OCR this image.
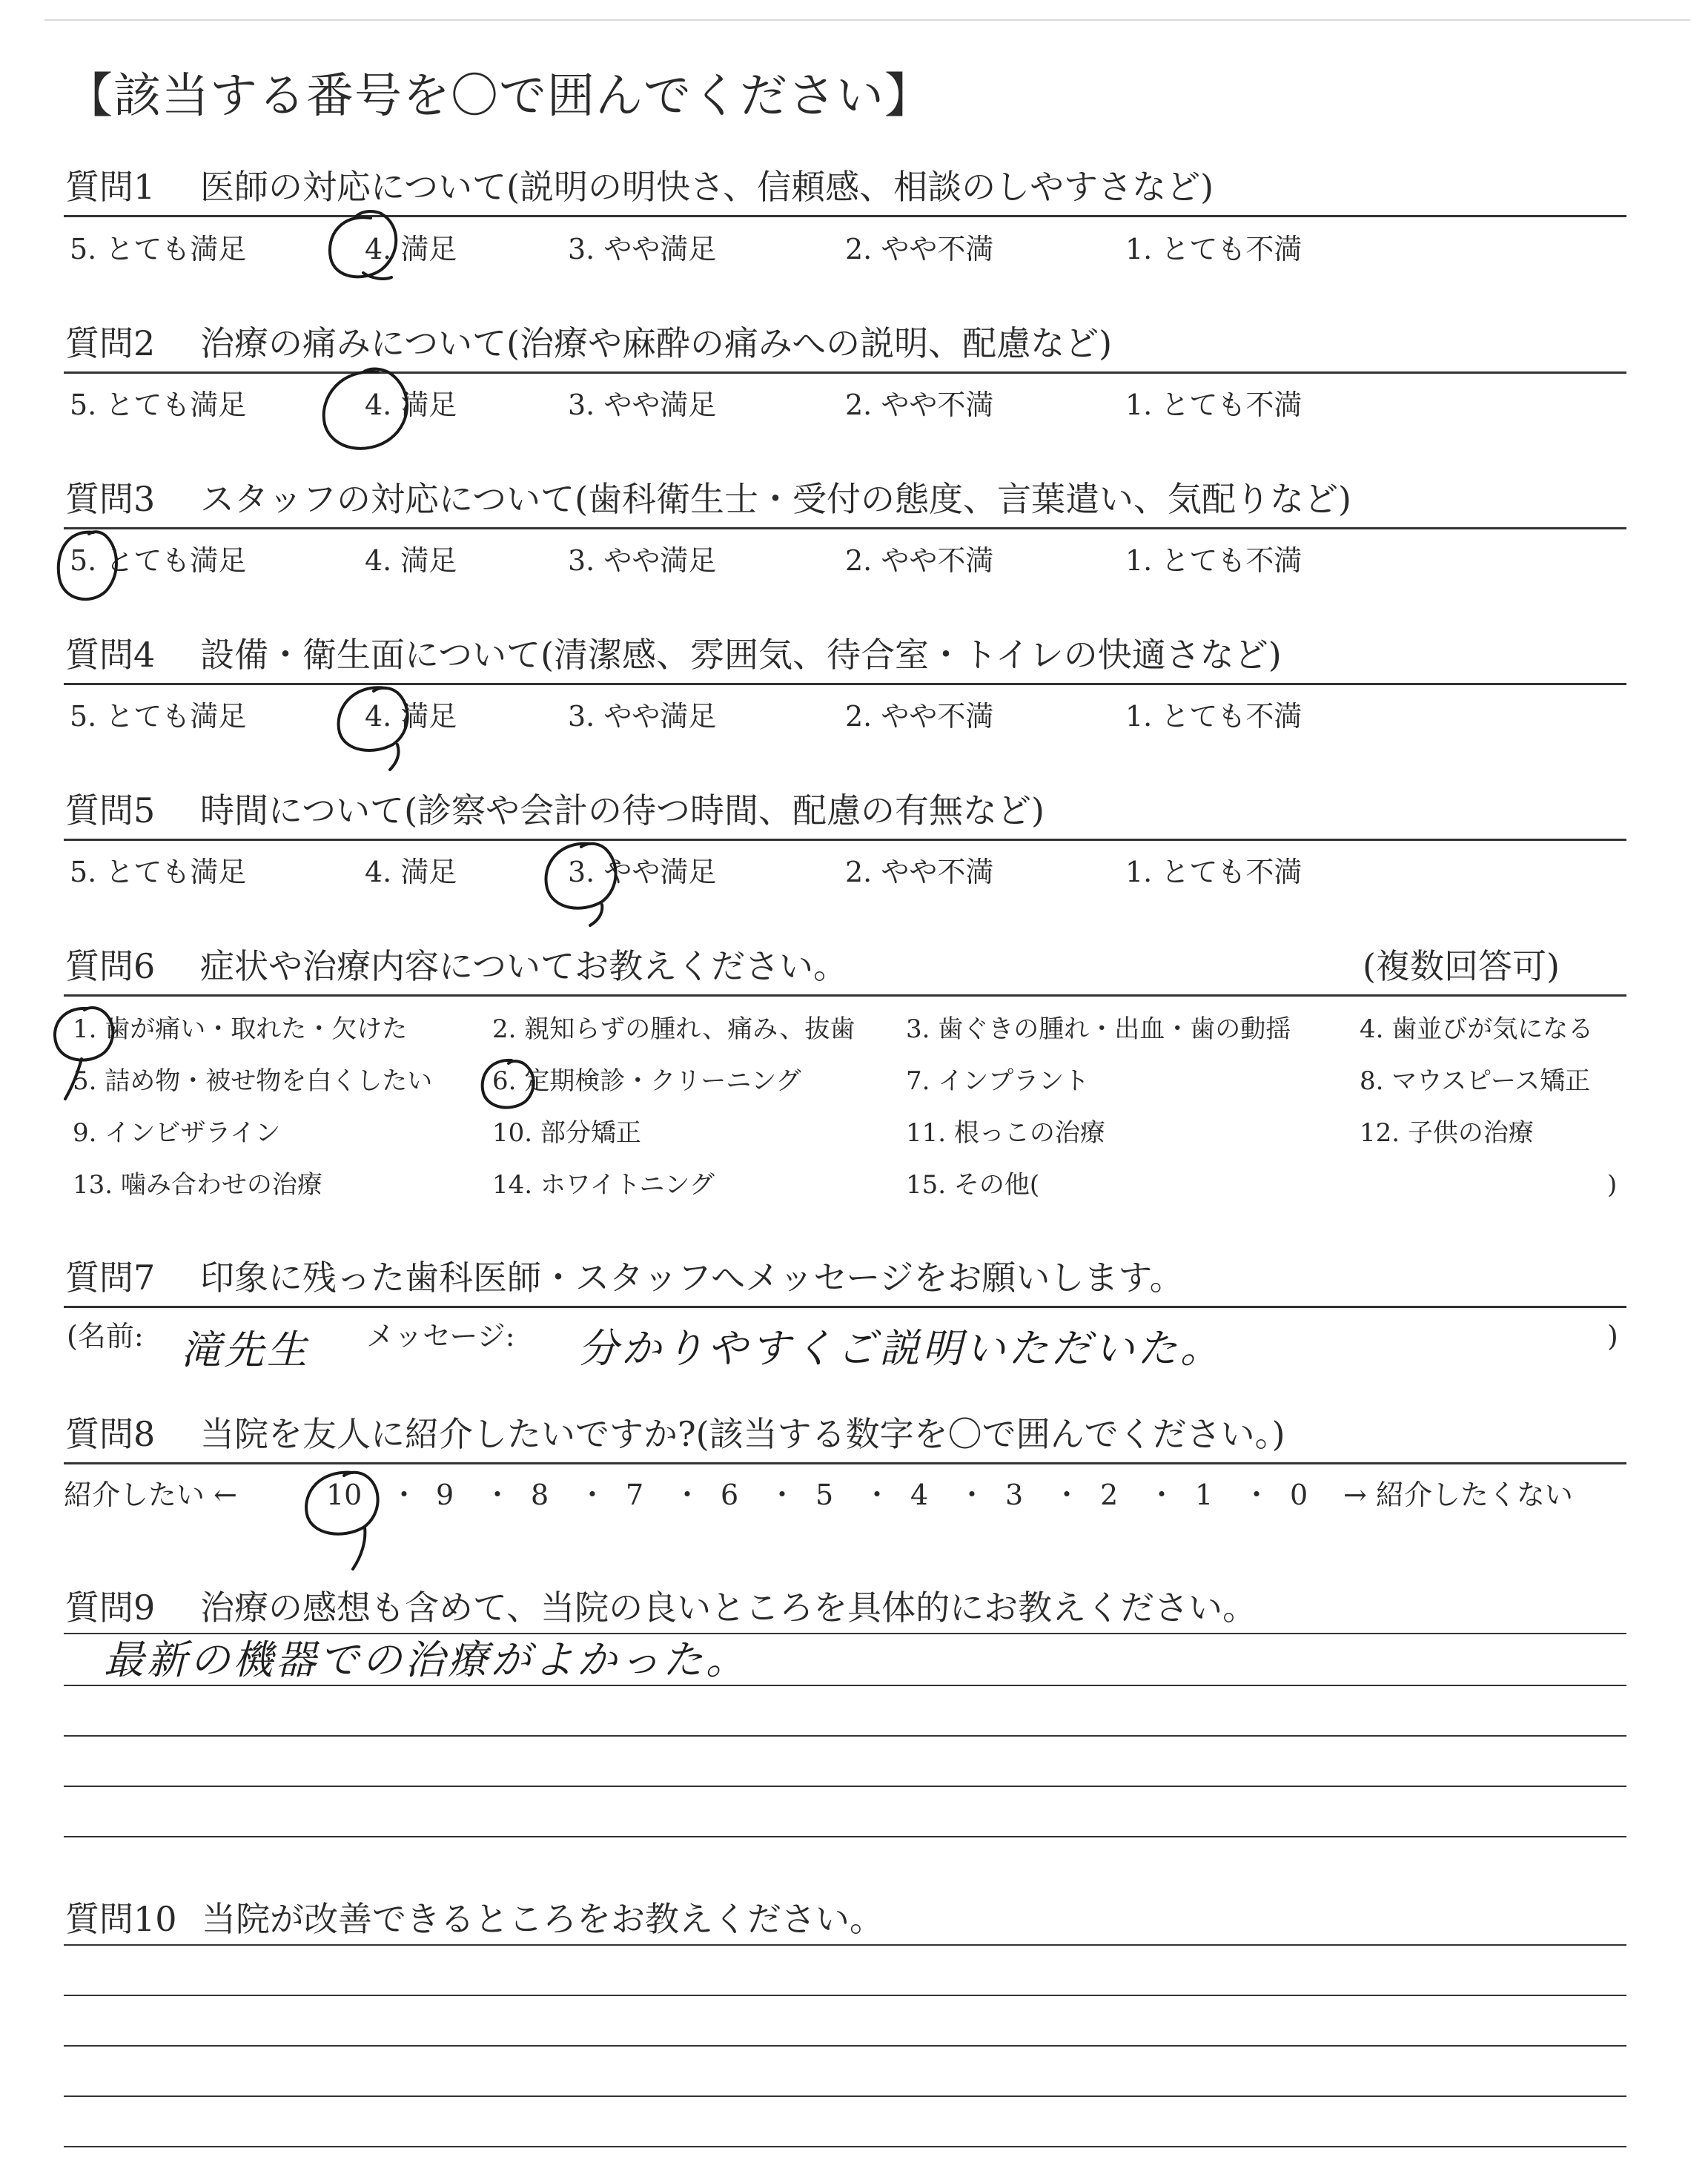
【該当する番号を〇で囲んでください】
質問1 医師の対応について(説明の明快さ、信頼感、相談のしやすさなど)
5. とても満足	4. 満足	3. やや満足	2. やや不満	1. とても不満
質問2 治療の痛みについて(治療や麻酔の痛みへの説明、配慮など)
5. とても満足	4. 満足	3. やや満足	2. やや不満	1. とても不満
質問3 スタッフの対応について(歯科衛生士・受付の態度、言葉遣い、気配りなど)
5. とても満足	4. 満足	3. やや満足	2. やや不満	1. とても不満
質問4 設備・衛生面について(清潔感、雰囲気、待合室・トイレの快適さなど)
5. とても満足	4. 満足	3. やや満足	2. やや不満	1. とても不満
質問5 時間について(診察や会計の待つ時間、配慮の有無など)
5. とても満足	4. 満足	3. やや満足	2. やや不満	1. とても不満
質問6 症状や治療内容についてお教えください。	(複数回答可)
1. 歯が痛い・取れた・欠けた	2. 親知らずの腫れ、痛み、抜歯 3. 歯ぐきの腫れ・出血・歯の動揺	4. 歯並びが気になる
5. 詰め物・被せ物を白くしたい 6. 定期検診・クリーニング	7. インプラント	8. マウスピース矯正
9. インビザライン	10. 部分矯正	11. 根っこの治療	12. 子供の治療
13. 噛み合わせの治療	14. ホワイトニング	15. その他(	)
質問7 印象に残った歯科医師・スタッフへメッセージをお願いします。
(名前: 滝先生 メッセージ: 分かりやすくご説明いただいた。	)
質問8 当院を友人に紹介したいですか?(該当する数字を〇で囲んでください。)
紹介したい ←	10 ・ 9 ・ 8 ・ 7 ・ 6 ・ 5 ・ 4 ・ 3 ・ 2 ・ 1 ・ 0 → 紹介したくない
質問9 治療の感想も含めて、当院の良いところを具体的にお教えください。
最新の機器での治療がよかった。
質問10 当院が改善できるところをお教えください。
